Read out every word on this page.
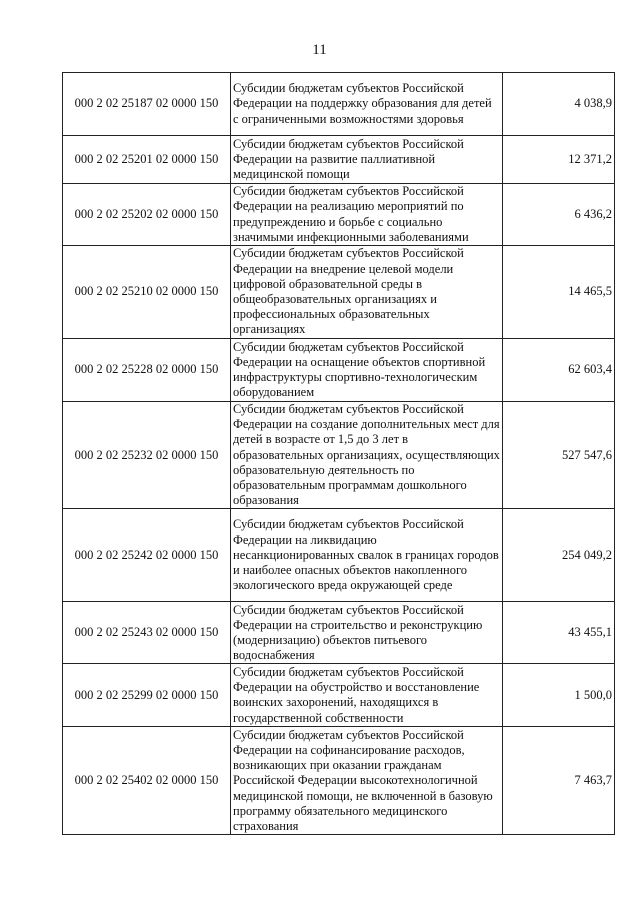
11
000 2 02 25187 02 0000 150	Субсидии бюджетам субъектов Российской Федерации на поддержку образования для детей с ограниченными возможностями здоровья	4 038,9
000 2 02 25201 02 0000 150	Субсидии бюджетам субъектов Российской Федерации на развитие паллиативной медицинской помощи	12 371,2
000 2 02 25202 02 0000 150	Субсидии бюджетам субъектов Российской Федерации на реализацию мероприятий по предупреждению и борьбе с социально значимыми инфекционными заболеваниями	6 436,2
000 2 02 25210 02 0000 150	Субсидии бюджетам субъектов Российской Федерации на внедрение целевой модели цифровой образовательной среды в общеобразовательных организациях и профессиональных образовательных организациях	14 465,5
000 2 02 25228 02 0000 150	Субсидии бюджетам субъектов Российской Федерации на оснащение объектов спортивной инфраструктуры спортивно-технологическим оборудованием	62 603,4
000 2 02 25232 02 0000 150	Субсидии бюджетам субъектов Российской Федерации на создание дополнительных мест для детей в возрасте от 1,5 до 3 лет в образовательных организациях, осуществляющих образовательную деятельность по образовательным программам дошкольного образования	527 547,6
000 2 02 25242 02 0000 150	Субсидии бюджетам субъектов Российской Федерации на ликвидацию несанкционированных свалок в границах городов и наиболее опасных объектов накопленного экологического вреда окружающей среде	254 049,2
000 2 02 25243 02 0000 150	Субсидии бюджетам субъектов Российской Федерации на строительство и реконструкцию (модернизацию) объектов питьевого водоснабжения	43 455,1
000 2 02 25299 02 0000 150	Субсидии бюджетам субъектов Российской Федерации на обустройство и восстановление воинских захоронений, находящихся в государственной собственности	1 500,0
000 2 02 25402 02 0000 150	Субсидии бюджетам субъектов Российской Федерации на софинансирование расходов, возникающих при оказании гражданам Российской Федерации высокотехнологичной медицинской помощи, не включенной в базовую программу обязательного медицинского страхования	7 463,7
